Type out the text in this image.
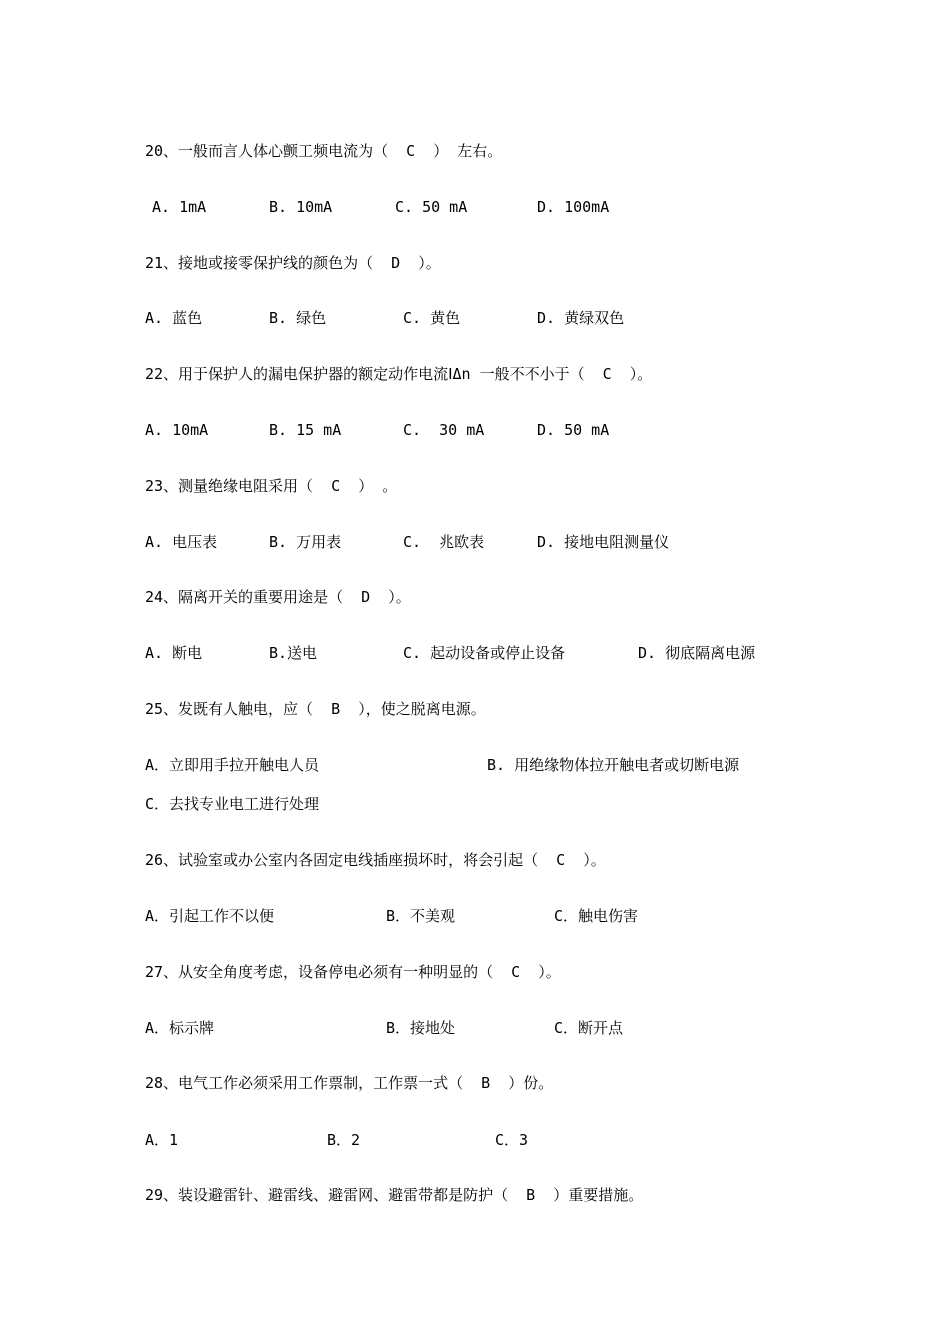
20、一般而言人体心颤工频电流为（  C  ） 左右。
A. 1mA	B. 10mA	C. 50 mA	D. 100mA
21、接地或接零保护线的颜色为（  D  ）。
A. 蓝色	B. 绿色	C. 黄色	D. 黄绿双色
22、用于保护人的漏电保护器的额定动作电流ⅠΔn 一般不不小于（  C  ）。
A. 10mA	B. 15 mA	C.  30 mA	D. 50 mA
23、测量绝缘电阻采用（  C  ） 。
A. 电压表	B. 万用表	C.  兆欧表	D. 接地电阻测量仪
24、隔离开关的重要用途是（  D  ）。
A. 断电	B.送电	C. 起动设备或停止设备	D. 彻底隔离电源
25、发既有人触电，应（  B  ），使之脱离电源。
A．立即用手拉开触电人员	B. 用绝缘物体拉开触电者或切断电源
C．去找专业电工进行处理
26、试验室或办公室内各固定电线插座损坏时，将会引起（  C  ）。
A．引起工作不以便	B．不美观	C．触电伤害
27、从安全角度考虑，设备停电必须有一种明显的（  C  ）。
A．标示牌	B．接地处	C．断开点
28、电气工作必须采用工作票制，工作票一式（  B  ）份。
A．1	B．2	C．3
29、装设避雷针、避雷线、避雷网、避雷带都是防护（  B  ）重要措施。
